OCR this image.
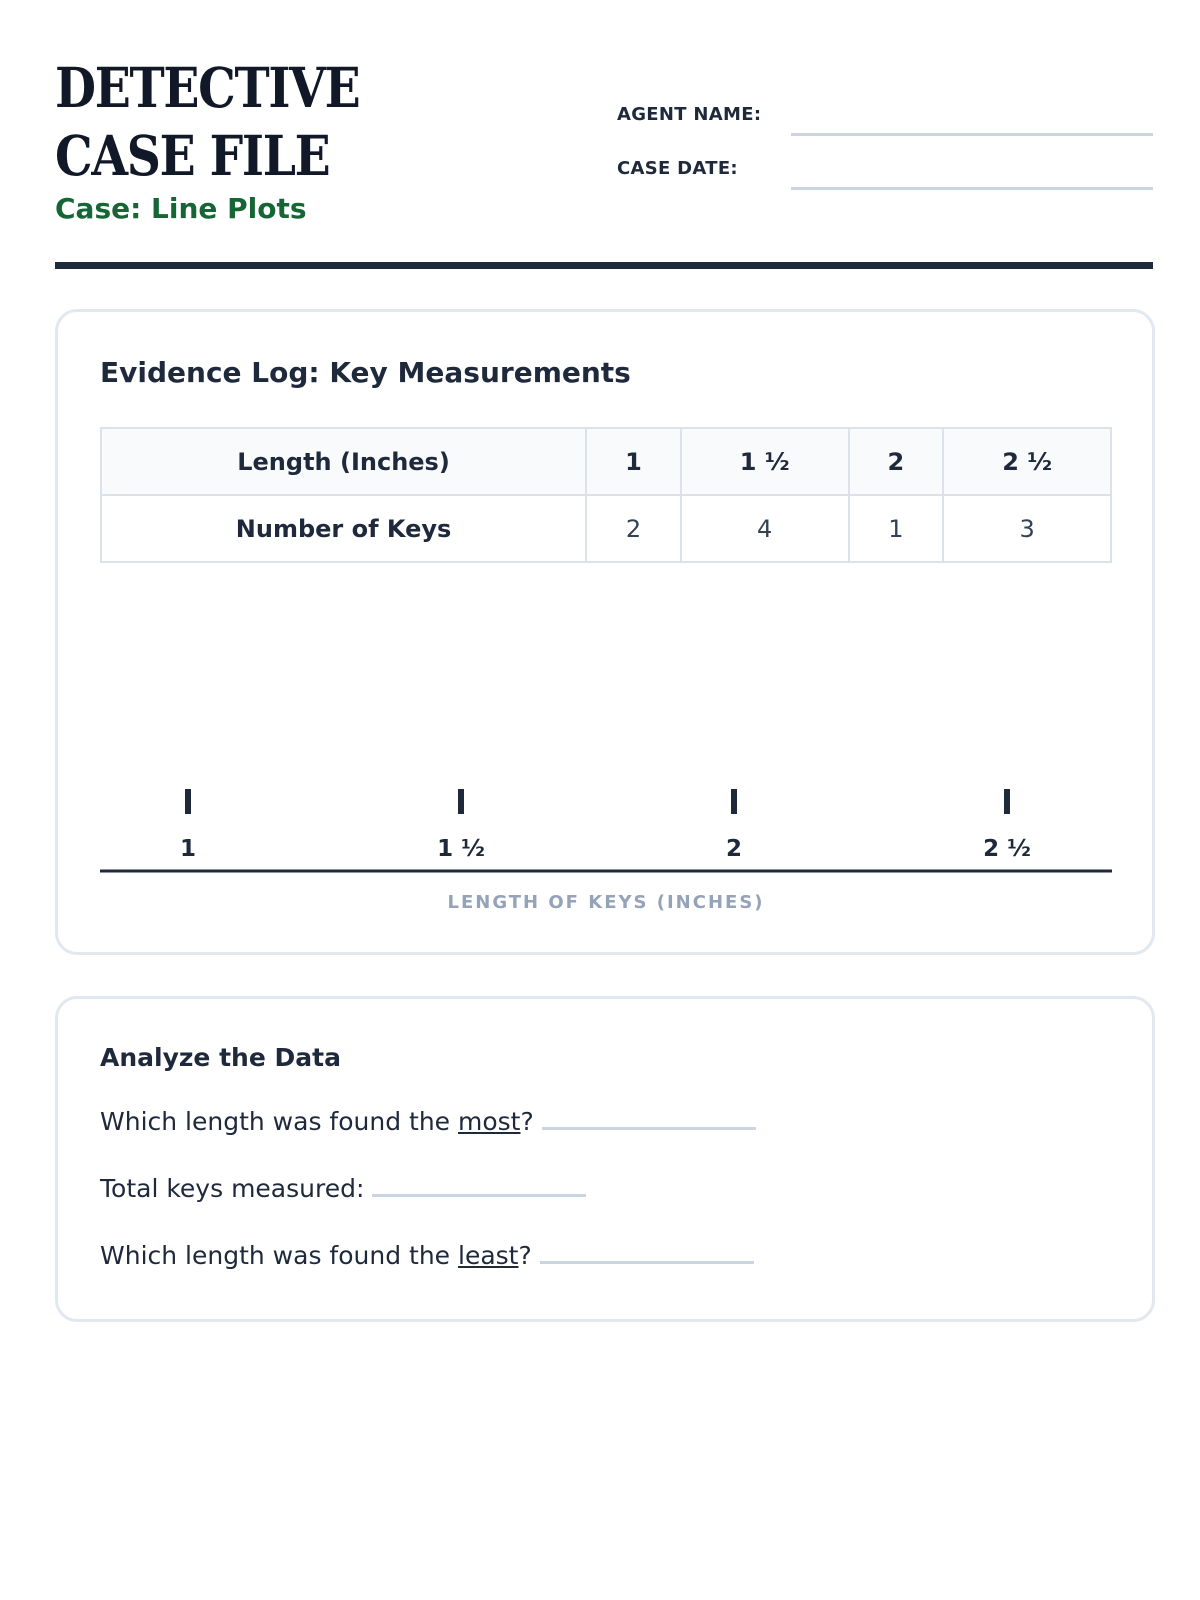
DETECTIVE CASE FILE
Case: Line Plots
AGENT NAME:
CASE DATE:
Evidence Log: Key Measurements
Length (Inches)	1	1 ½	2	2 ½
Number of Keys	2	4	1	3
1	1 ½	2	2 ½
LENGTH OF KEYS (INCHES)
Analyze the Data
Which length was found the most?
Total keys measured:
Which length was found the least?
